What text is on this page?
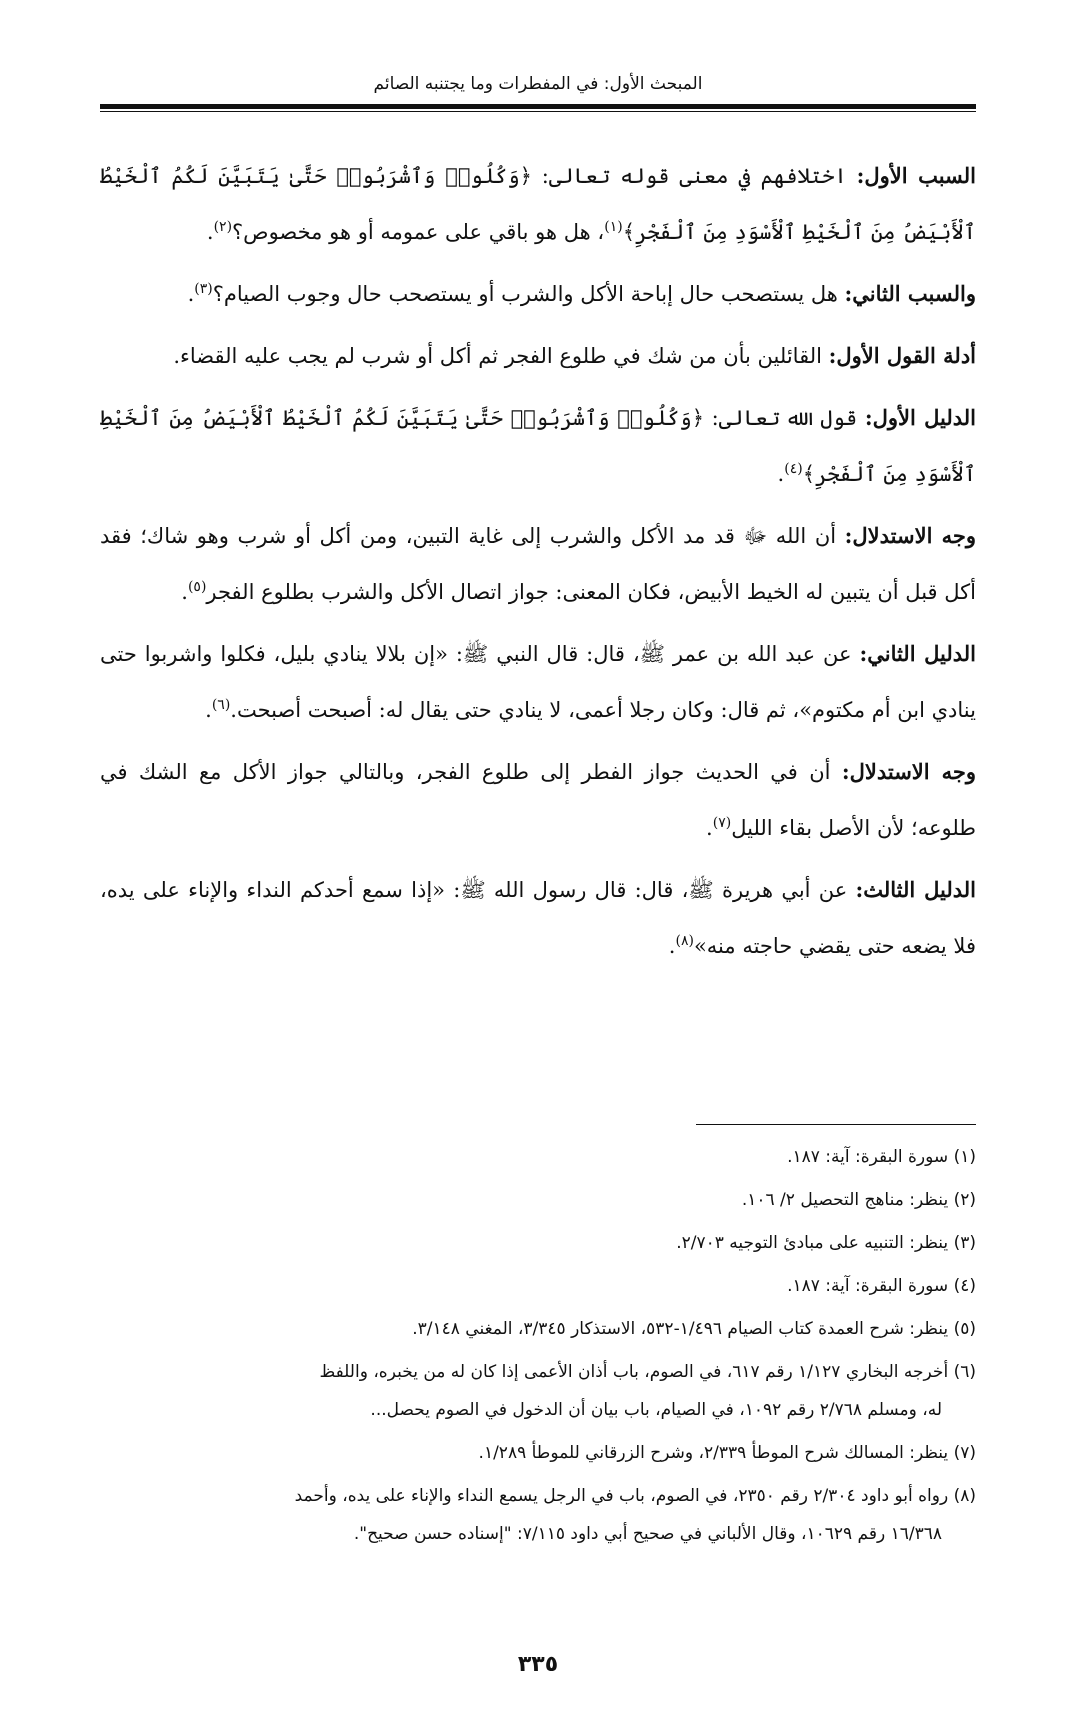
المبحث الأول: في المفطرات وما يجتنبه الصائم

السبب الأول: اختلافهم في معنى قوله تعالى: ﴿وَكُلُوا۟ وَٱشْرَبُوا۟ حَتَّىٰ يَتَبَيَّنَ لَكُمُ ٱلْخَيْطُ ٱلْأَبْيَضُ مِنَ ٱلْخَيْطِ ٱلْأَسْوَدِ مِنَ ٱلْفَجْرِ﴾$^{(١)}$، هل هو باقي على عمومه أو هو مخصوص؟$^{(٢)}$.

والسبب الثاني: هل يستصحب حال إباحة الأكل والشرب أو يستصحب حال وجوب الصيام؟$^{(٣)}$.

أدلة القول الأول: القائلين بأن من شك في طلوع الفجر ثم أكل أو شرب لم يجب عليه القضاء.

الدليل الأول: قول الله تعالى: ﴿وَكُلُوا۟ وَٱشْرَبُوا۟ حَتَّىٰ يَتَبَيَّنَ لَكُمُ ٱلْخَيْطُ ٱلْأَبْيَضُ مِنَ ٱلْخَيْطِ ٱلْأَسْوَدِ مِنَ ٱلْفَجْرِ﴾$^{(٤)}$.

وجه الاستدلال: أن الله ﷻ قد مد الأكل والشرب إلى غاية التبين، ومن أكل أو شرب وهو شاك؛ فقد أكل قبل أن يتبين له الخيط الأبيض، فكان المعنى: جواز اتصال الأكل والشرب بطلوع الفجر$^{(٥)}$.

الدليل الثاني: عن عبد الله بن عمر ﷺ، قال: قال النبي ﷺ: «إن بلالا ينادي بليل، فكلوا واشربوا حتى ينادي ابن أم مكتوم»، ثم قال: وكان رجلا أعمى، لا ينادي حتى يقال له: أصبحت أصبحت.$^{(٦)}$.

وجه الاستدلال: أن في الحديث جواز الفطر إلى طلوع الفجر، وبالتالي جواز الأكل مع الشك في طلوعه؛ لأن الأصل بقاء الليل$^{(٧)}$.

الدليل الثالث: عن أبي هريرة ﷺ، قال: قال رسول الله ﷺ: «إذا سمع أحدكم النداء والإناء على يده، فلا يضعه حتى يقضي حاجته منه»$^{(٨)}$.

(١) سورة البقرة: آية: ١٨٧.
(٢) ينظر: مناهج التحصيل ٢/ ١٠٦.
(٣) ينظر: التنبيه على مبادئ التوجيه ٢/٧٠٣.
(٤) سورة البقرة: آية: ١٨٧.
(٥) ينظر: شرح العمدة كتاب الصيام ١/٤٩٦-٥٣٢، الاستذكار ٣/٣٤٥، المغني ٣/١٤٨.
(٦) أخرجه البخاري ١/١٢٧ رقم ٦١٧، في الصوم، باب أذان الأعمى إذا كان له من يخبره، واللفظ
له، ومسلم ٢/٧٦٨ رقم ١٠٩٢، في الصيام، باب بيان أن الدخول في الصوم يحصل...
(٧) ينظر: المسالك شرح الموطأ ٢/٣٣٩، وشرح الزرقاني للموطأ ١/٢٨٩.
(٨) رواه أبو داود ٢/٣٠٤ رقم ٢٣٥٠، في الصوم، باب في الرجل يسمع النداء والإناء على يده، وأحمد
١٦/٣٦٨ رقم ١٠٦٢٩، وقال الألباني في صحيح أبي داود ٧/١١٥: "إسناده حسن صحيح".
٣٣٥
